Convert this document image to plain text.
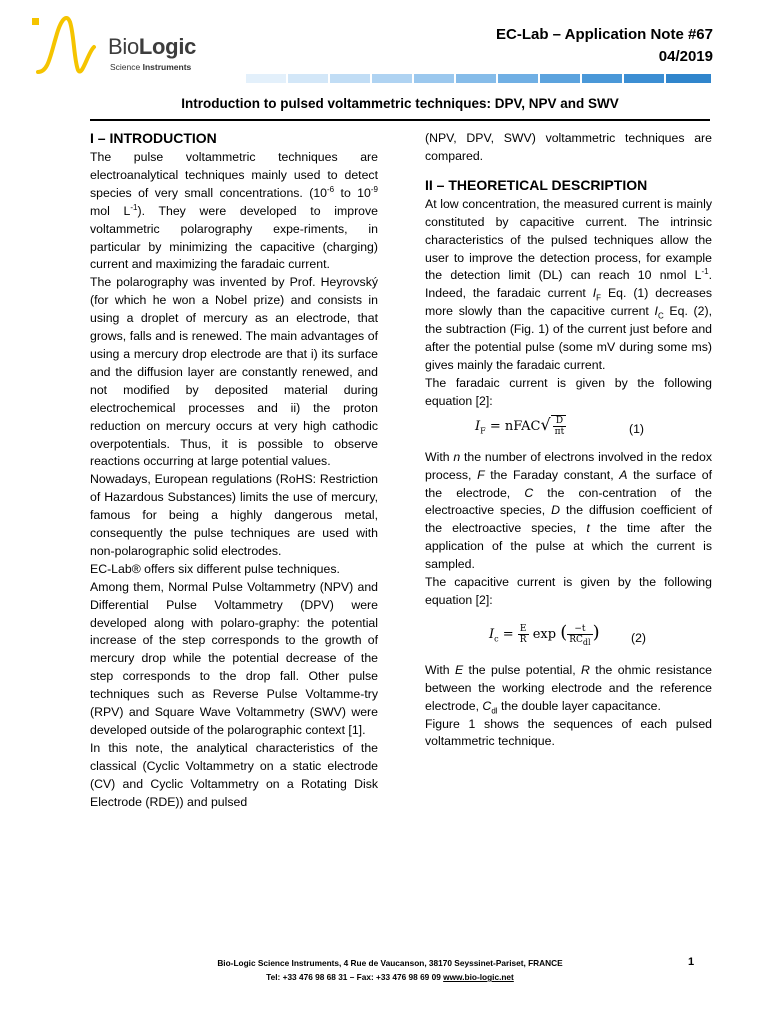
BioLogic
Science Instruments
EC-Lab – Application Note #67
04/2019
Introduction to pulsed voltammetric techniques: DPV, NPV and SWV
I – INTRODUCTION

The pulse voltammetric techniques are electroanalytical techniques mainly used to detect species of very small concentrations. ($10^{-6}$ to $10^{-9}$ mol $L^{-1}$). They were developed to improve voltammetric polarography expe-riments, in particular by minimizing the capacitive (charging) current and maximizing the faradaic current.

The polarography was invented by Prof. Heyrovský (for which he won a Nobel prize) and consists in using a droplet of mercury as an electrode, that grows, falls and is renewed. The main advantages of using a mercury drop electrode are that i) its surface and the diffusion layer are constantly renewed, and not modified by deposited material during electrochemical processes and ii) the proton reduction on mercury occurs at very high cathodic overpotentials. Thus, it is possible to observe reactions occurring at large potential values.

Nowadays, European regulations (RoHS: Restriction of Hazardous Substances) limits the use of mercury, famous for being a highly dangerous metal, consequently the pulse techniques are used with non-polarographic solid electrodes.

EC-Lab® offers six different pulse techniques.

Among them, Normal Pulse Voltammetry (NPV) and Differential Pulse Voltammetry (DPV) were developed along with polaro-graphy: the potential increase of the step corresponds to the growth of mercury drop while the potential decrease of the step corresponds to the drop fall. Other pulse techniques such as Reverse Pulse Voltamme-try (RPV) and Square Wave Voltammetry (SWV) were developed outside of the polarographic context [1].

In this note, the analytical characteristics of the classical (Cyclic Voltammetry on a static electrode (CV) and Cyclic Voltammetry on a Rotating Disk Electrode (RDE)) and pulsed

(NPV, DPV, SWV) voltammetric techniques are compared.

II – THEORETICAL DESCRIPTION

At low concentration, the measured current is mainly constituted by capacitive current. The intrinsic characteristics of the pulsed techniques allow the user to improve the detection process, for example the detection limit (DL) can reach 10 nmol $L^{-1}$. Indeed, the faradaic current $I_F$ Eq. (1) decreases more slowly than the capacitive current $I_C$ Eq. (2), the subtraction (Fig. 1) of the current just before and after the potential pulse (some mV during some ms) gives mainly the faradaic current.

The faradaic current is given by the following equation [2]:

$I_F$ = nFAC√ $\frac{D}{\pi t}$	(1)

With n the number of electrons involved in the redox process, F the Faraday constant, A the surface of the electrode, C the con-centration of the electroactive species, D the diffusion coefficient of the electroactive species, t the time after the application of the pulse at which the current is sampled.

The capacitive current is given by the following equation [2]:

$I_c = \frac{E}{R}$ exp ( $\frac{-t}{RC_{dl}}$ )	(2)

With E the pulse potential, R the ohmic resistance between the working electrode and the reference electrode, $C_{dl}$ the double layer capacitance.

Figure 1 shows the sequences of each pulsed voltammetric technique.

Bio-Logic Science Instruments, 4 Rue de Vaucanson, 38170 Seyssinet-Pariset, FRANCE
Tel: +33 476 98 68 31 – Fax: +33 476 98 69 09 www.bio-logic.net
1
